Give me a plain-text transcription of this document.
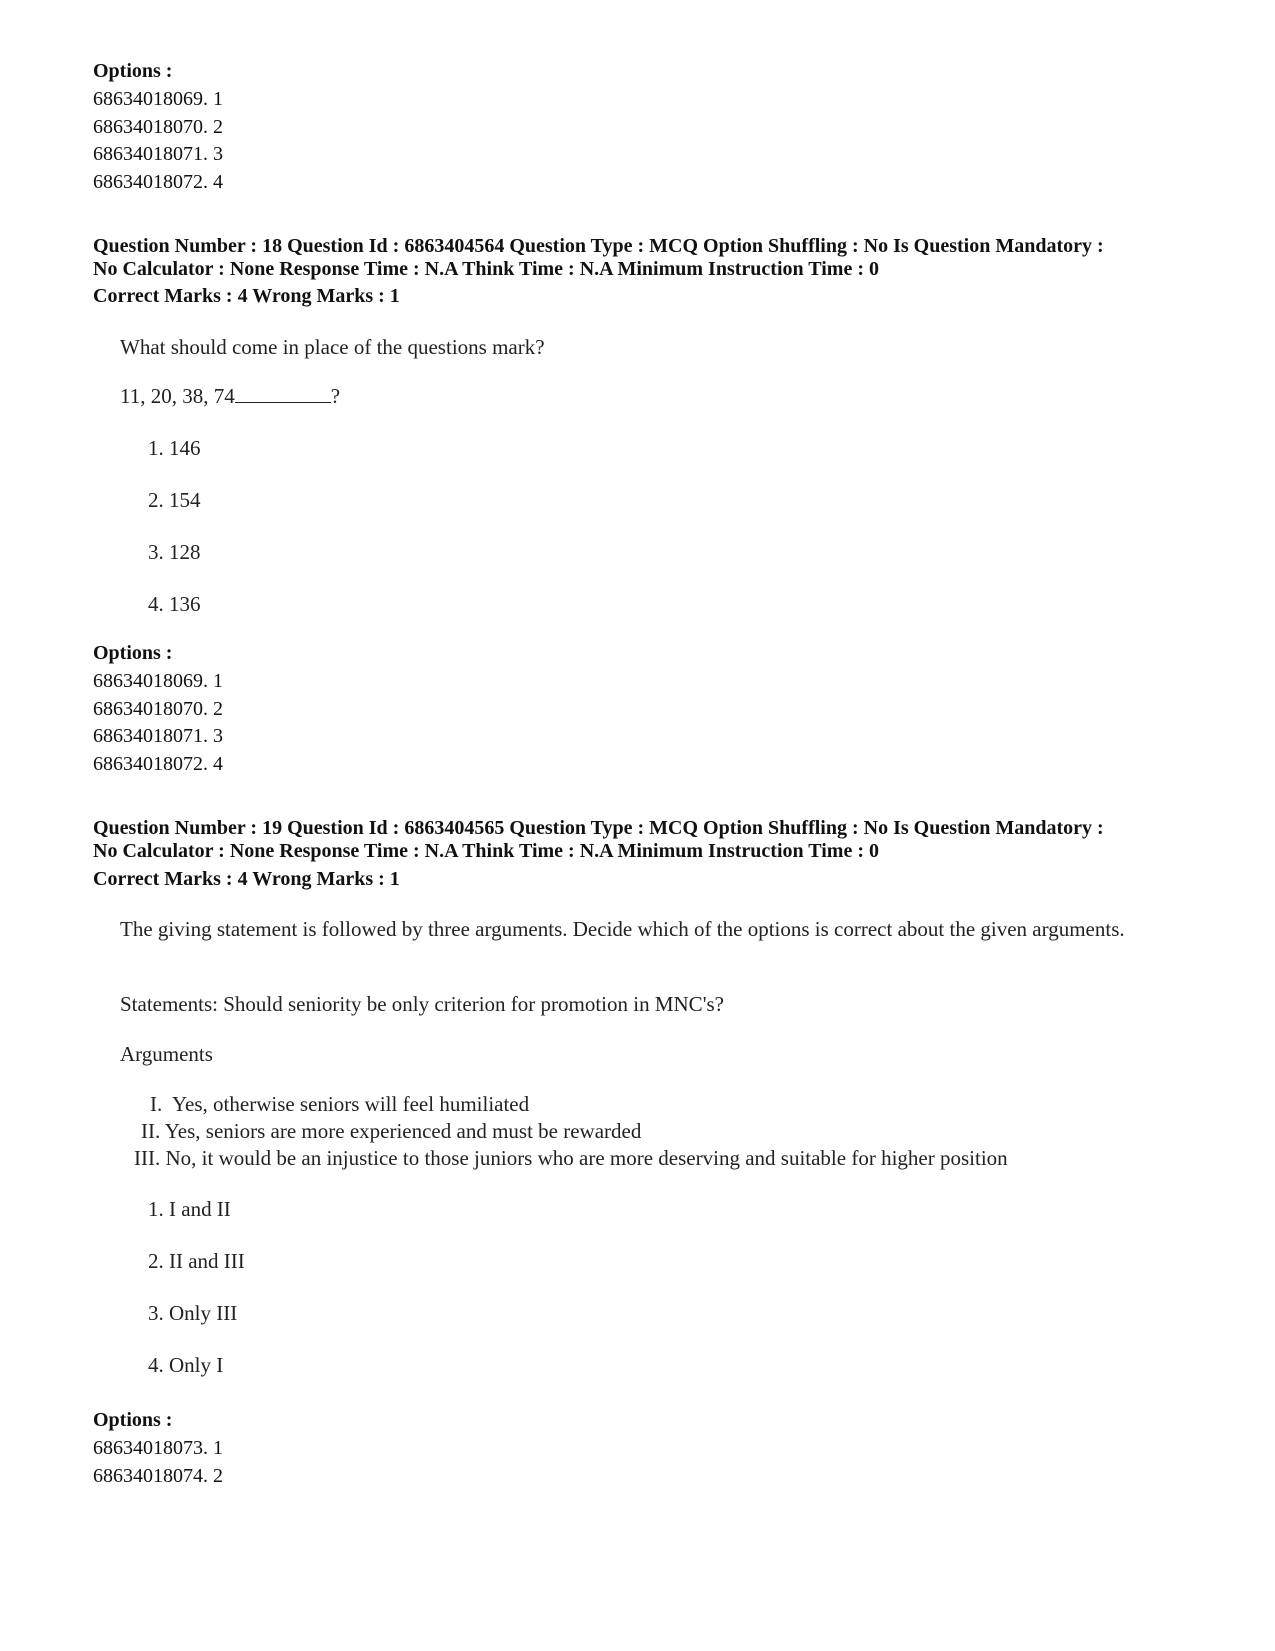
Options :
68634018069. 1
68634018070. 2
68634018071. 3
68634018072. 4
Question Number : 18 Question Id : 6863404564 Question Type : MCQ Option Shuffling : No Is Question Mandatory :
No Calculator : None Response Time : N.A Think Time : N.A Minimum Instruction Time : 0
Correct Marks : 4 Wrong Marks : 1
What should come in place of the questions mark?
11, 20, 38, 74	?
1. 146
2. 154
3. 128
4. 136
Options :
68634018069. 1
68634018070. 2
68634018071. 3
68634018072. 4
Question Number : 19 Question Id : 6863404565 Question Type : MCQ Option Shuffling : No Is Question Mandatory :
No Calculator : None Response Time : N.A Think Time : N.A Minimum Instruction Time : 0
Correct Marks : 4 Wrong Marks : 1
The giving statement is followed by three arguments. Decide which of the options is correct about the given arguments.
Statements: Should seniority be only criterion for promotion in MNC's?
Arguments
I. Yes, otherwise seniors will feel humiliated
II. Yes, seniors are more experienced and must be rewarded
III. No, it would be an injustice to those juniors who are more deserving and suitable for higher position
1. I and II
2. II and III
3. Only III
4. Only I
Options :
68634018073. 1
68634018074. 2
